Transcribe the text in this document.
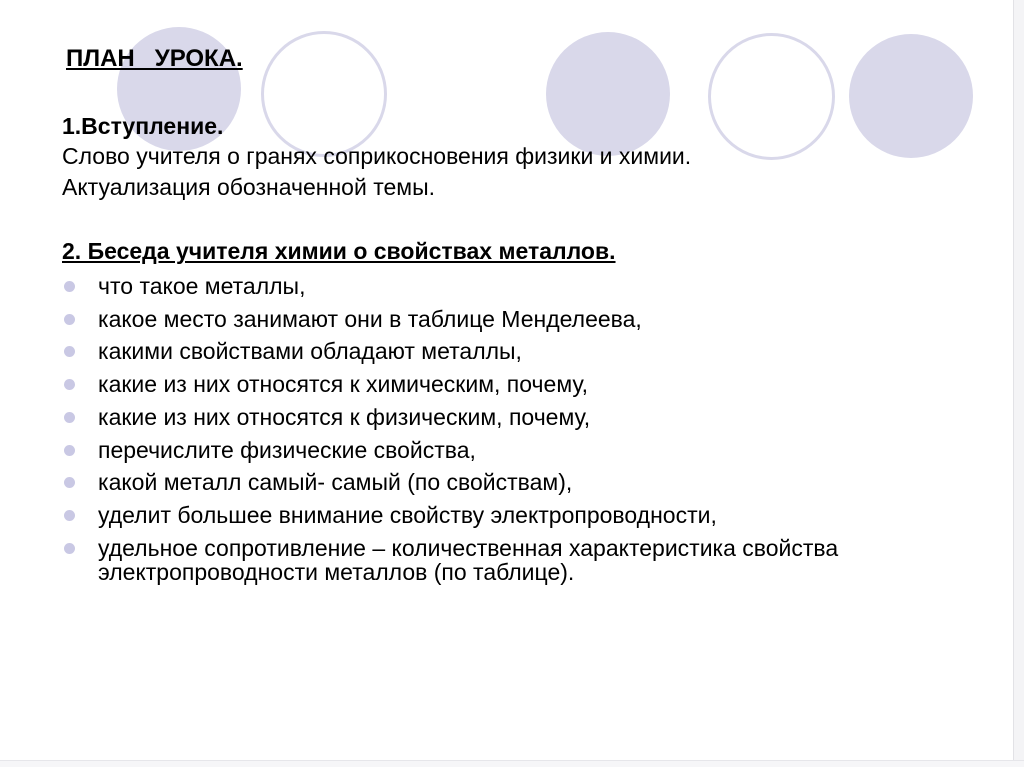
ПЛАН   УРОКА.
1.Вступление.
Слово учителя о гранях соприкосновения физики и химии.
Актуализация обозначенной темы.
2. Беседа учителя химии о свойствах металлов.
что такое металлы,
какое место занимают они в таблице Менделеева,
какими свойствами обладают металлы,
какие из них относятся к химическим, почему,
какие из них относятся к физическим, почему,
перечислите физические свойства,
какой металл самый- самый (по свойствам),
уделит большее внимание свойству электропроводности,
удельное сопротивление – количественная характеристика свойства электропроводности металлов (по таблице).
